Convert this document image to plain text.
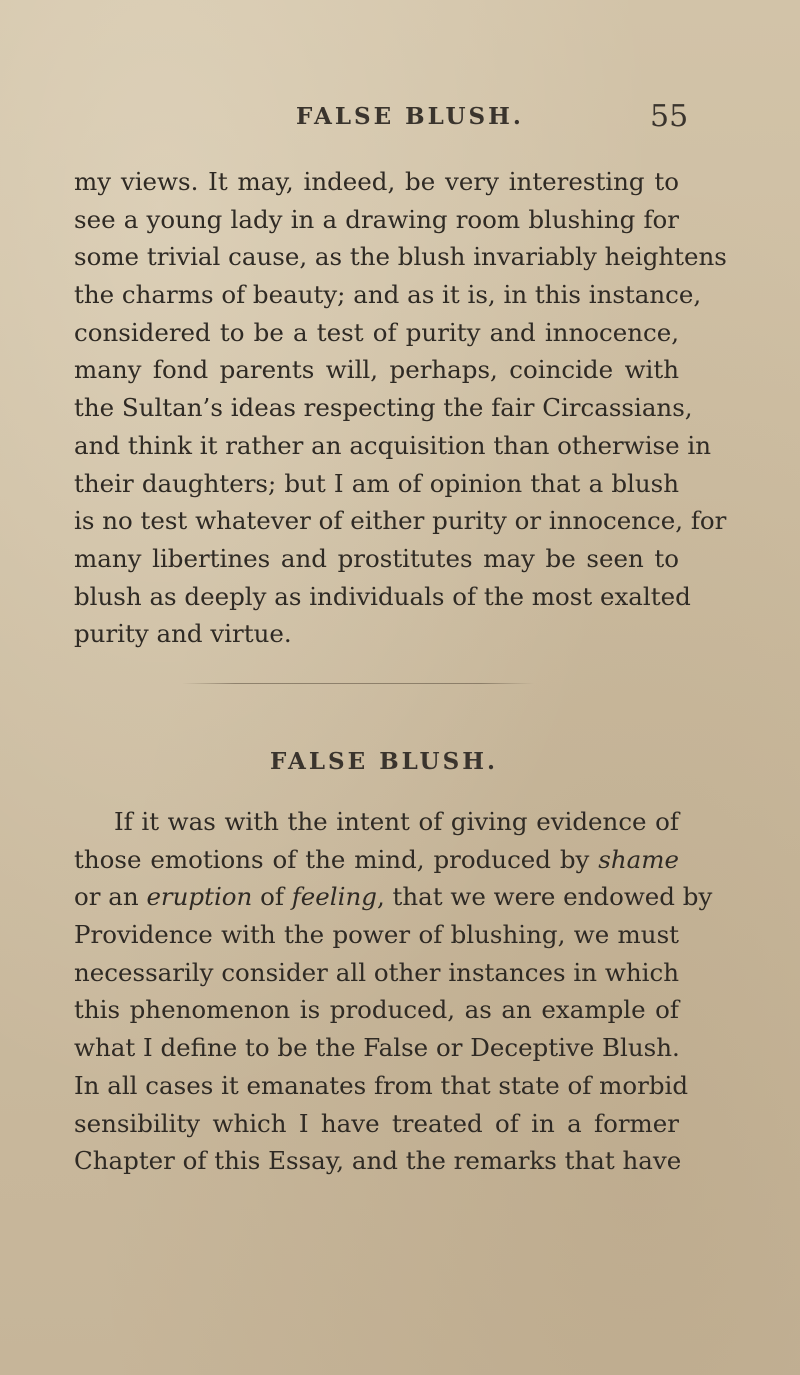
FALSE BLUSH.	55
my views. It may, indeed, be very interesting to
see a young lady in a drawing room blushing for
some trivial cause, as the blush invariably heightens
the charms of beauty; and as it is, in this instance,
considered to be a test of purity and innocence,
many fond parents will, perhaps, coincide with
the Sultan’s ideas respecting the fair Circassians,
and think it rather an acquisition than otherwise in
their daughters; but I am of opinion that a blush
is no test whatever of either purity or innocence, for
many libertines and prostitutes may be seen to
blush as deeply as individuals of the most exalted
purity and virtue.
FALSE BLUSH.
If it was with the intent of giving evidence of
those emotions of the mind, produced by shame
or an eruption of feeling, that we were endowed by
Providence with the power of blushing, we must
necessarily consider all other instances in which
this phenomenon is produced, as an example of
what I define to be the False or Deceptive Blush.
In all cases it emanates from that state of morbid
sensibility which I have treated of in a former
Chapter of this Essay, and the remarks that have
